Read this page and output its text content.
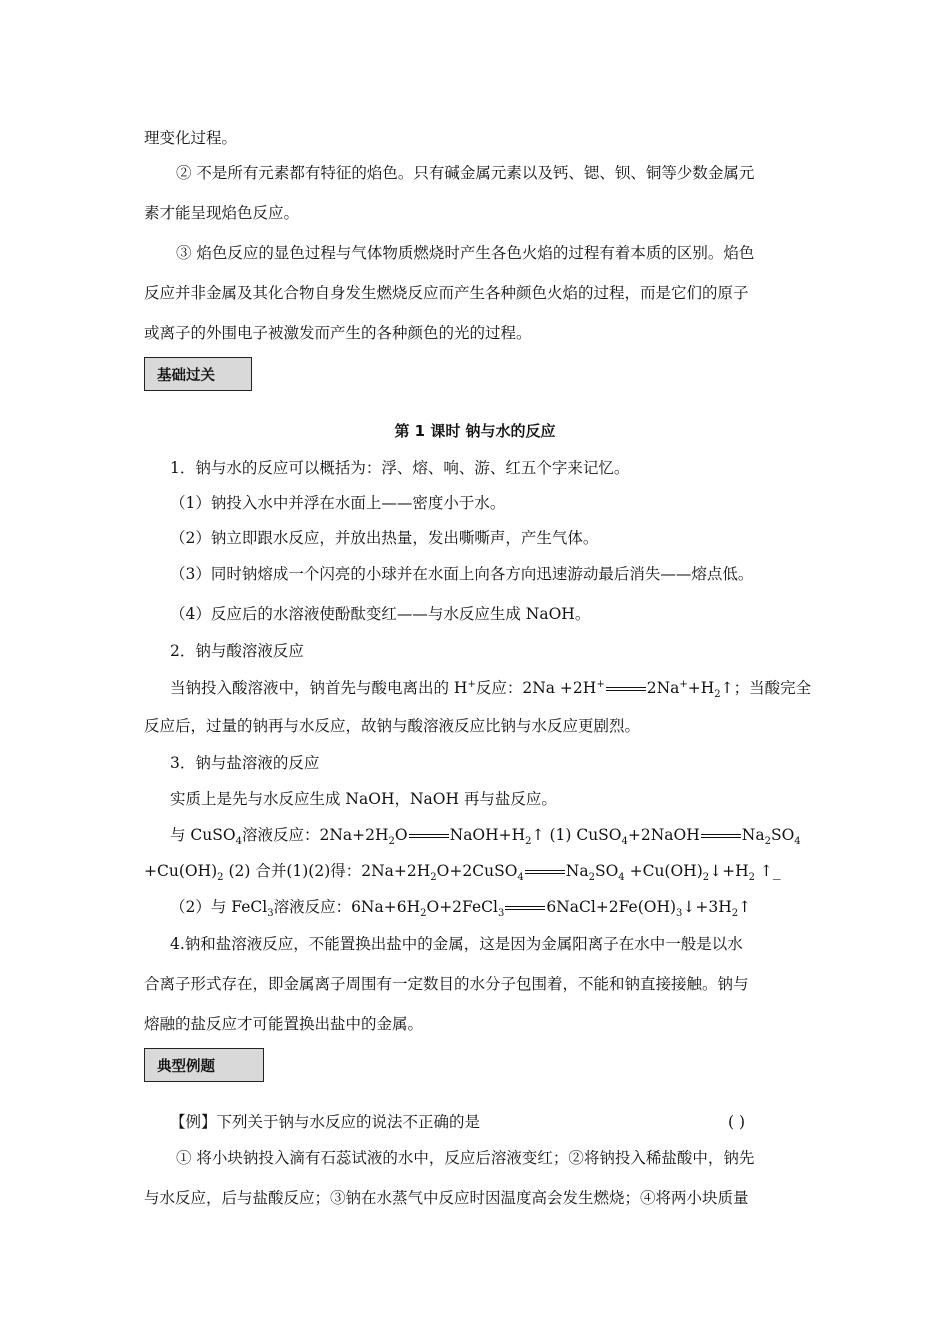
理变化过程。
② 不是所有元素都有特征的焰色。只有碱金属元素以及钙、锶、钡、铜等少数金属元
素才能呈现焰色反应。
③ 焰色反应的显色过程与气体物质燃烧时产生各色火焰的过程有着本质的区别。焰色
反应并非金属及其化合物自身发生燃烧反应而产生各种颜色火焰的过程，而是它们的原子
或离子的外围电子被激发而产生的各种颜色的光的过程。
基础过关
第 1 课时 钠与水的反应
1．钠与水的反应可以概括为：浮、熔、响、游、红五个字来记忆。
（1）钠投入水中并浮在水面上——密度小于水。
（2）钠立即跟水反应，并放出热量，发出嘶嘶声，产生气体。
（3）同时钠熔成一个闪亮的小球并在水面上向各方向迅速游动最后消失——熔点低。
（4）反应后的水溶液使酚酞变红——与水反应生成 NaOH。
2．钠与酸溶液反应
当钠投入酸溶液中，钠首先与酸电离出的 H+反应：2Na +2H+	$2Na^++H_2↑$；当酸完全
反应后，过量的钠再与水反应，故钠与酸溶液反应比钠与水反应更剧烈。
3．钠与盐溶液的反应
实质上是先与水反应生成 NaOH，NaOH 再与盐反应。
与 CuSO$_4$溶液反应：$2Na+2H_2O$	$NaOH+H_2↑$ (1) CuSO$_4$+2NaOH	$Na_2SO_4$
$+Cu(OH)_2$ (2) 合并(1)(2)得：$2Na+2H_2O+2CuSO_4$	$Na_2SO_4$ $+Cu(OH)_2↓+H_2$ ↑_
（2）与 FeCl$_3$溶液反应：$6Na+6H_2O+2FeCl_3$	$6NaCl+2Fe(OH)_3↓+3H_2↑$
4.钠和盐溶液反应，不能置换出盐中的金属，这是因为金属阳离子在水中一般是以水
合离子形式存在，即金属离子周围有一定数目的水分子包围着，不能和钠直接接触。钠与
熔融的盐反应才可能置换出盐中的金属。
典型例题
【例】下列关于钠与水反应的说法不正确的是	( )
① 将小块钠投入滴有石蕊试液的水中，反应后溶液变红；②将钠投入稀盐酸中，钠先
与水反应，后与盐酸反应；③钠在水蒸气中反应时因温度高会发生燃烧；④将两小块质量
